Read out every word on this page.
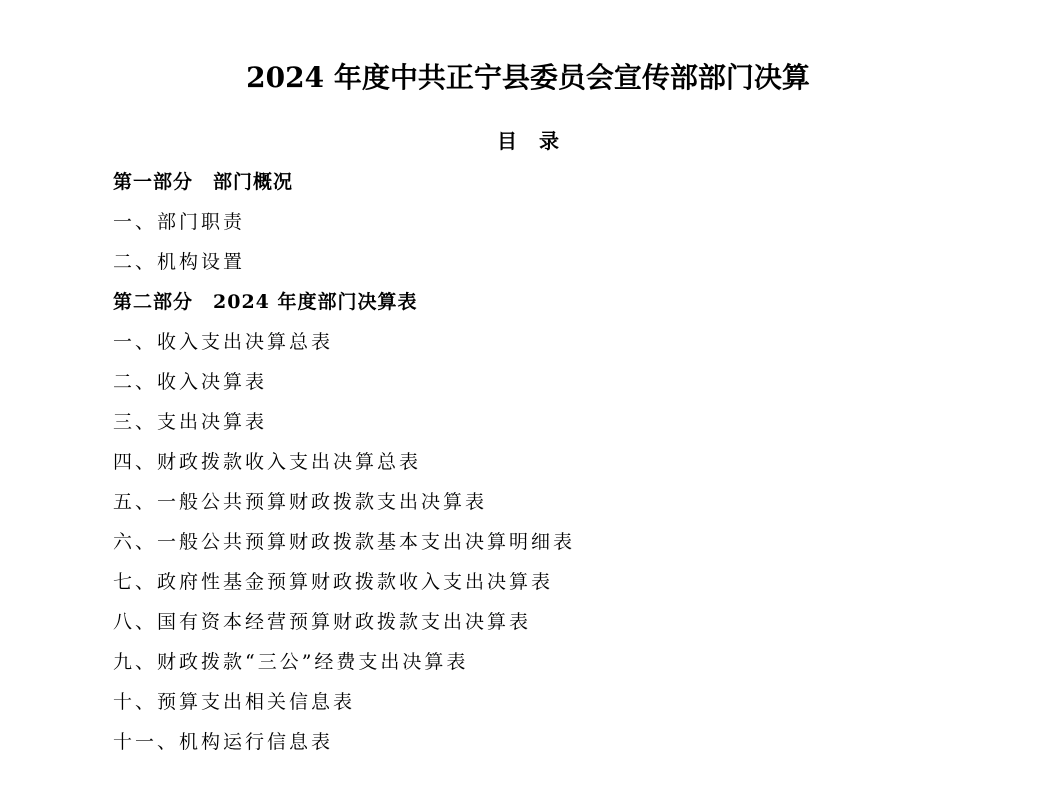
2024 年度中共正宁县委员会宣传部部门决算
目 录
第一部分　部门概况
一、部门职责
二、机构设置
第二部分　2024 年度部门决算表
一、收入支出决算总表
二、收入决算表
三、支出决算表
四、财政拨款收入支出决算总表
五、一般公共预算财政拨款支出决算表
六、一般公共预算财政拨款基本支出决算明细表
七、政府性基金预算财政拨款收入支出决算表
八、国有资本经营预算财政拨款支出决算表
九、财政拨款“三公”经费支出决算表
十、预算支出相关信息表
十一、机构运行信息表
